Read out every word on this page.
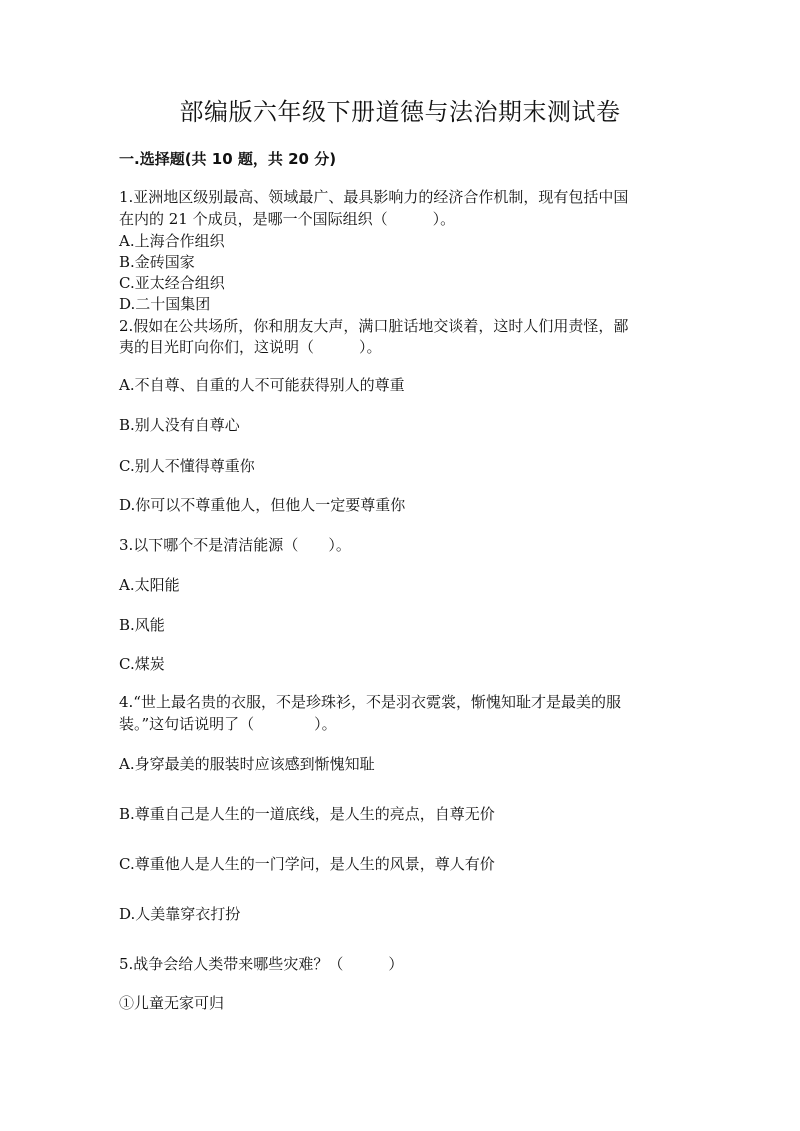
部编版六年级下册道德与法治期末测试卷
一.选择题(共 10 题，共 20 分)
1.亚洲地区级别最高、领域最广、最具影响力的经济合作机制，现有包括中国
在内的 21 个成员，是哪一个国际组织（　　　）。
A.上海合作组织
B.金砖国家
C.亚太经合组织
D.二十国集团
2.假如在公共场所，你和朋友大声，满口脏话地交谈着，这时人们用责怪，鄙
夷的目光盯向你们，这说明（　　　）。
A.不自尊、自重的人不可能获得别人的尊重
B.别人没有自尊心
C.别人不懂得尊重你
D.你可以不尊重他人，但他人一定要尊重你
3.以下哪个不是清洁能源（　　）。
A.太阳能
B.风能
C.煤炭
4.“世上最名贵的衣服，不是珍珠衫，不是羽衣霓裳，惭愧知耻才是最美的服
装。”这句话说明了（　　　　）。
A.身穿最美的服装时应该感到惭愧知耻
B.尊重自己是人生的一道底线，是人生的亮点，自尊无价
C.尊重他人是人生的一门学问，是人生的风景，尊人有价
D.人美靠穿衣打扮
5.战争会给人类带来哪些灾难？（　　　）
①儿童无家可归
